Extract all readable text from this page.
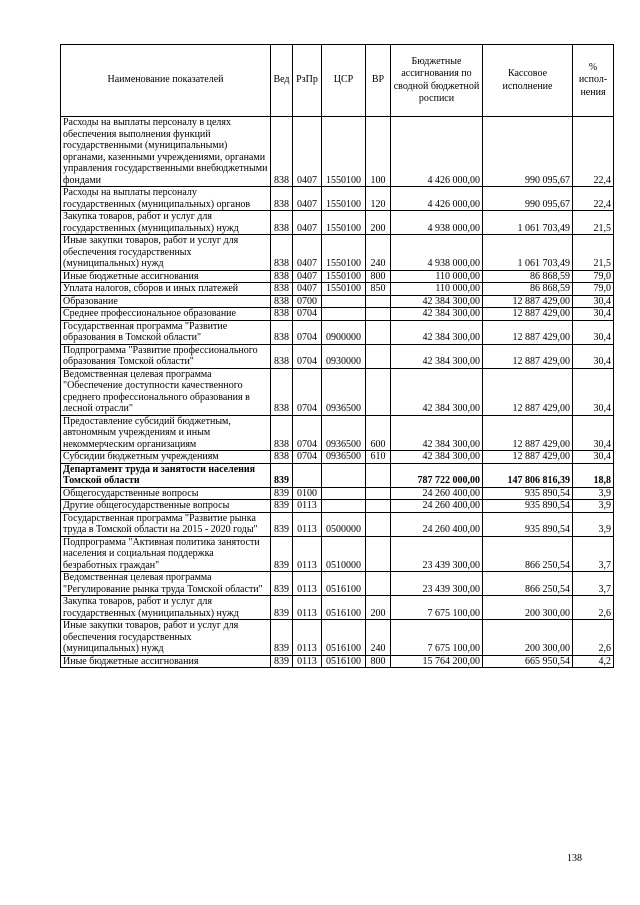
Наименование показателей	Вед	РзПр	ЦСР	ВР	Бюджетные ассигнования по сводной бюджетной росписи	Кассовое исполнение	% испол-нения
Расходы на выплаты персоналу в целях обеспечения выполнения функций государственными (муниципальными) органами, казенными учреждениями, органами управления государственными внебюджетными фондами	838	0407	1550100	100	4 426 000,00	990 095,67	22,4
Расходы на выплаты персоналу государственных (муниципальных) органов	838	0407	1550100	120	4 426 000,00	990 095,67	22,4
Закупка товаров, работ и услуг для государственных (муниципальных) нужд	838	0407	1550100	200	4 938 000,00	1 061 703,49	21,5
Иные закупки товаров, работ и услуг для обеспечения государственных (муниципальных) нужд	838	0407	1550100	240	4 938 000,00	1 061 703,49	21,5
Иные бюджетные ассигнования	838	0407	1550100	800	110 000,00	86 868,59	79,0
Уплата налогов, сборов и иных платежей	838	0407	1550100	850	110 000,00	86 868,59	79,0
Образование	838	0700			42 384 300,00	12 887 429,00	30,4
Среднее профессиональное образование	838	0704			42 384 300,00	12 887 429,00	30,4
Государственная программа "Развитие образования в Томской области"	838	0704	0900000		42 384 300,00	12 887 429,00	30,4
Подпрограмма "Развитие профессионального образования Томской области"	838	0704	0930000		42 384 300,00	12 887 429,00	30,4
Ведомственная целевая программа "Обеспечение доступности качественного среднего профессионального образования в лесной отрасли"	838	0704	0936500		42 384 300,00	12 887 429,00	30,4
Предоставление субсидий бюджетным, автономным учреждениям и иным некоммерческим организациям	838	0704	0936500	600	42 384 300,00	12 887 429,00	30,4
Субсидии бюджетным учреждениям	838	0704	0936500	610	42 384 300,00	12 887 429,00	30,4
Департамент труда и занятости населения Томской области	839				787 722 000,00	147 806 816,39	18,8
Общегосударственные вопросы	839	0100			24 260 400,00	935 890,54	3,9
Другие общегосударственные вопросы	839	0113			24 260 400,00	935 890,54	3,9
Государственная программа "Развитие рынка труда в Томской области на 2015 - 2020 годы"	839	0113	0500000		24 260 400,00	935 890,54	3,9
Подпрограмма "Активная политика занятости населения и социальная поддержка безработных граждан"	839	0113	0510000		23 439 300,00	866 250,54	3,7
Ведомственная целевая программа "Регулирование рынка труда Томской области"	839	0113	0516100		23 439 300,00	866 250,54	3,7
Закупка товаров, работ и услуг для государственных (муниципальных) нужд	839	0113	0516100	200	7 675 100,00	200 300,00	2,6
Иные закупки товаров, работ и услуг для обеспечения государственных (муниципальных) нужд	839	0113	0516100	240	7 675 100,00	200 300,00	2,6
Иные бюджетные ассигнования	839	0113	0516100	800	15 764 200,00	665 950,54	4,2
138
